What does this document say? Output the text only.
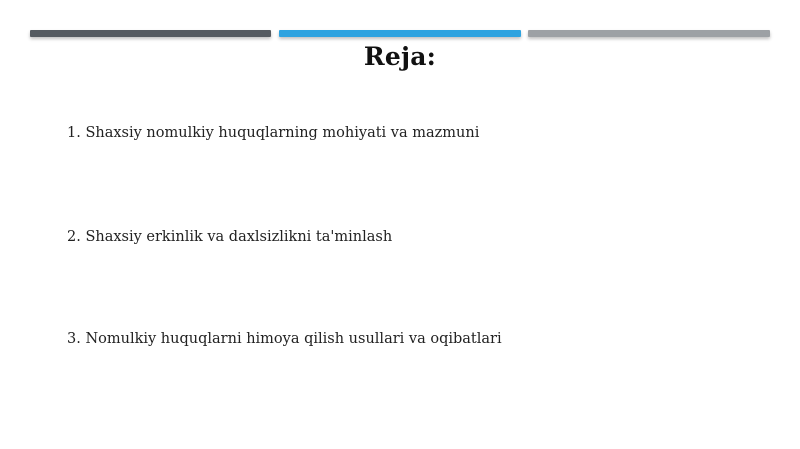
Reja:
1. Shaxsiy nomulkiy huquqlarning mohiyati va mazmuni
2. Shaxsiy erkinlik va daxlsizlikni ta'minlash
3. Nomulkiy huquqlarni himoya qilish usullari va oqibatlari
